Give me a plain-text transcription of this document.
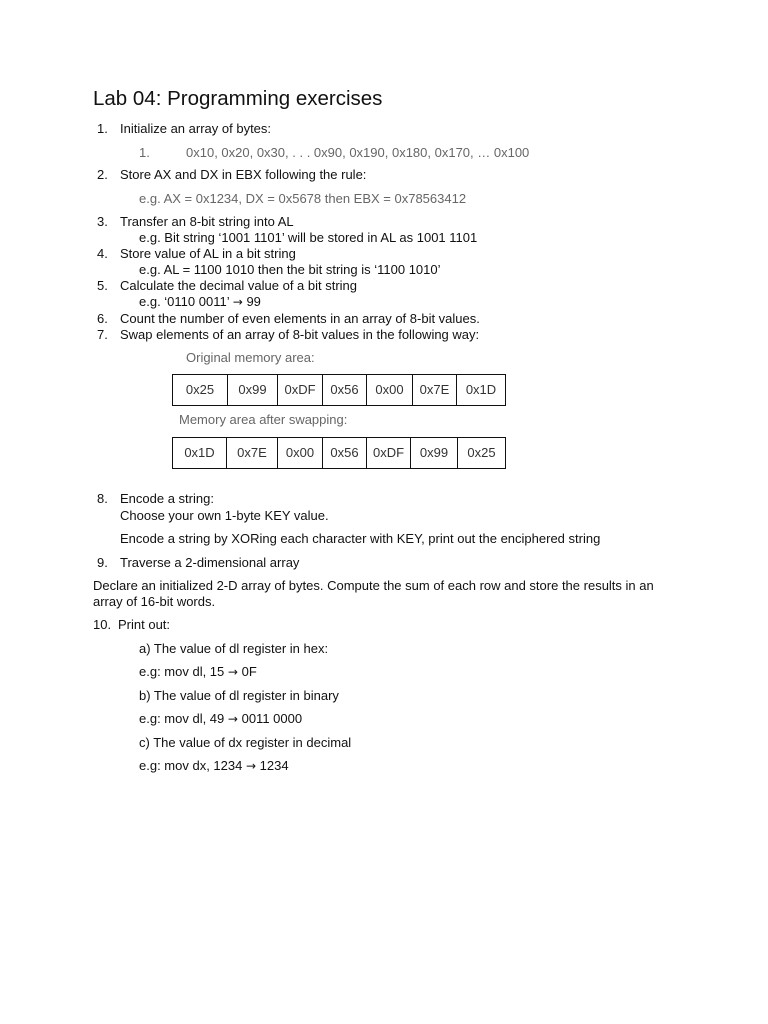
Lab 04: Programming exercises
1. Initialize an array of bytes:
1.	0x10, 0x20, 0x30, . . . 0x90, 0x190, 0x180, 0x170, … 0x100
2. Store AX and DX in EBX following the rule:
e.g. AX = 0x1234, DX = 0x5678 then EBX = 0x78563412
3. Transfer an 8-bit string into AL
e.g. Bit string ‘1001 1101’ will be stored in AL as 1001 1101
4. Store value of AL in a bit string
e.g. AL = 1100 1010 then the bit string is ‘1100 1010’
5. Calculate the decimal value of a bit string
e.g. ‘0110 0011’ → 99
6. Count the number of even elements in an array of 8-bit values.
7. Swap elements of an array of 8-bit values in the following way:
Original memory area:
0x25	0x99	0xDF	0x56	0x00	0x7E	0x1D
Memory area after swapping:
0x1D	0x7E	0x00	0x56	0xDF	0x99	0x25
8. Encode a string:
Choose your own 1-byte KEY value.
Encode a string by XORing each character with KEY, print out the enciphered string
9. Traverse a 2-dimensional array
Declare an initialized 2-D array of bytes. Compute the sum of each row and store the results in an
array of 16-bit words.
10. Print out:
a) The value of dl register in hex:
e.g: mov dl, 15 → 0F
b) The value of dl register in binary
e.g: mov dl, 49 → 0011 0000
c) The value of dx register in decimal
e.g: mov dx, 1234 → 1234
